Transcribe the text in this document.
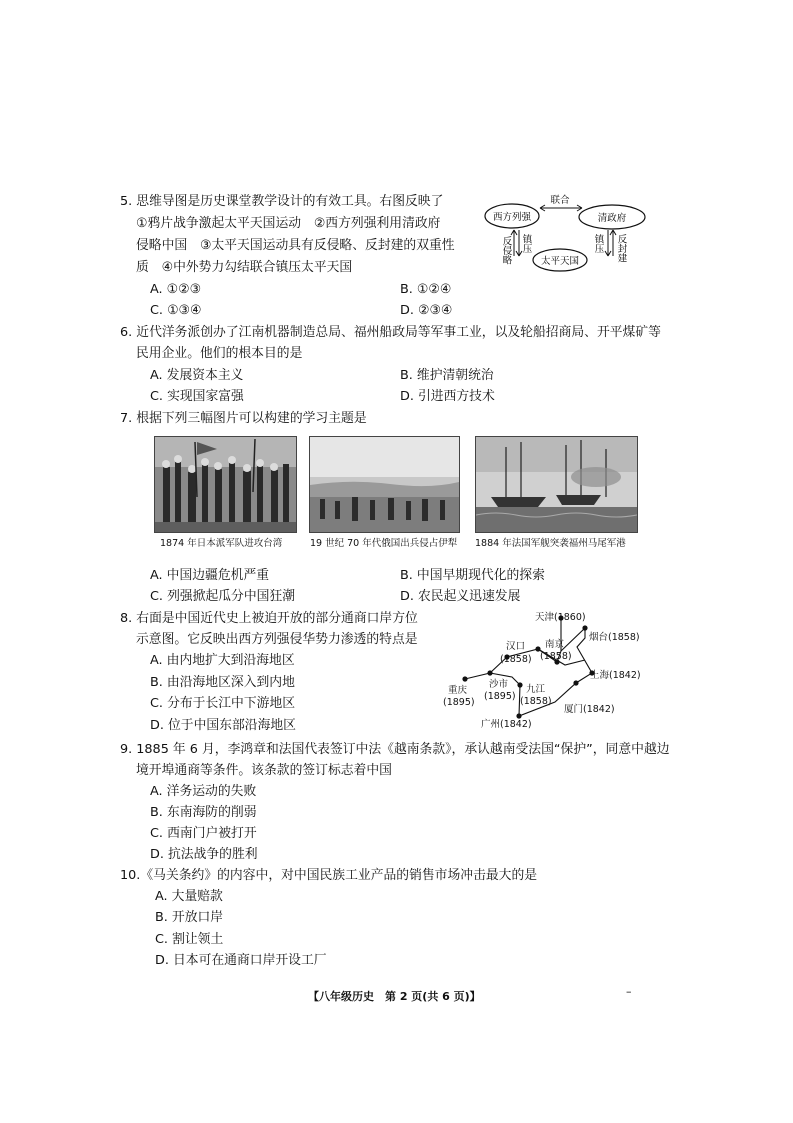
5. 思维导图是历史课堂教学设计的有效工具。右图反映了
①鸦片战争激起太平天国运动　②西方列强利用清政府
侵略中国　③太平天国运动具有反侵略、反封建的双重性
质　④中外势力勾结联合镇压太平天国
A. ①②③	B. ①②④
C. ①③④	D. ②③④
西方列强	清政府
太平天国
联合
反侵略 镇压	镇压 反封建
6. 近代洋务派创办了江南机器制造总局、福州船政局等军事工业，以及轮船招商局、开平煤矿等
民用企业。他们的根本目的是
A. 发展资本主义	B. 维护清朝统治
C. 实现国家富强	D. 引进西方技术
7. 根据下列三幅图片可以构建的学习主题是
1874 年日本派军队进攻台湾	19 世纪 70 年代俄国出兵侵占伊犁 1884 年法国军舰突袭福州马尾军港
A. 中国边疆危机严重	B. 中国早期现代化的探索
C. 列强掀起瓜分中国狂潮	D. 农民起义迅速发展
8. 右面是中国近代史上被迫开放的部分通商口岸方位
示意图。它反映出西方列强侵华势力渗透的特点是
A. 由内地扩大到沿海地区
B. 由沿海地区深入到内地
C. 分布于长江中下游地区
D. 位于中国东部沿海地区
天津(1860)
烟台(1858)
汉口
(1858)
南京
(1858)
上海(1842)
重庆
(1895)
沙市
(1895)
九江
(1858)
厦门(1842)
广州(1842)
9. 1885 年 6 月，李鸿章和法国代表签订中法《越南条款》，承认越南受法国“保护”，同意中越边
境开埠通商等条件。该条款的签订标志着中国
A. 洋务运动的失败
B. 东南海防的削弱
C. 西南门户被打开
D. 抗法战争的胜利
10.《马关条约》的内容中，对中国民族工业产品的销售市场冲击最大的是
A. 大量赔款
B. 开放口岸
C. 割让领土
D. 日本可在通商口岸开设工厂
【八年级历史　第 2 页(共 6 页)】	–
